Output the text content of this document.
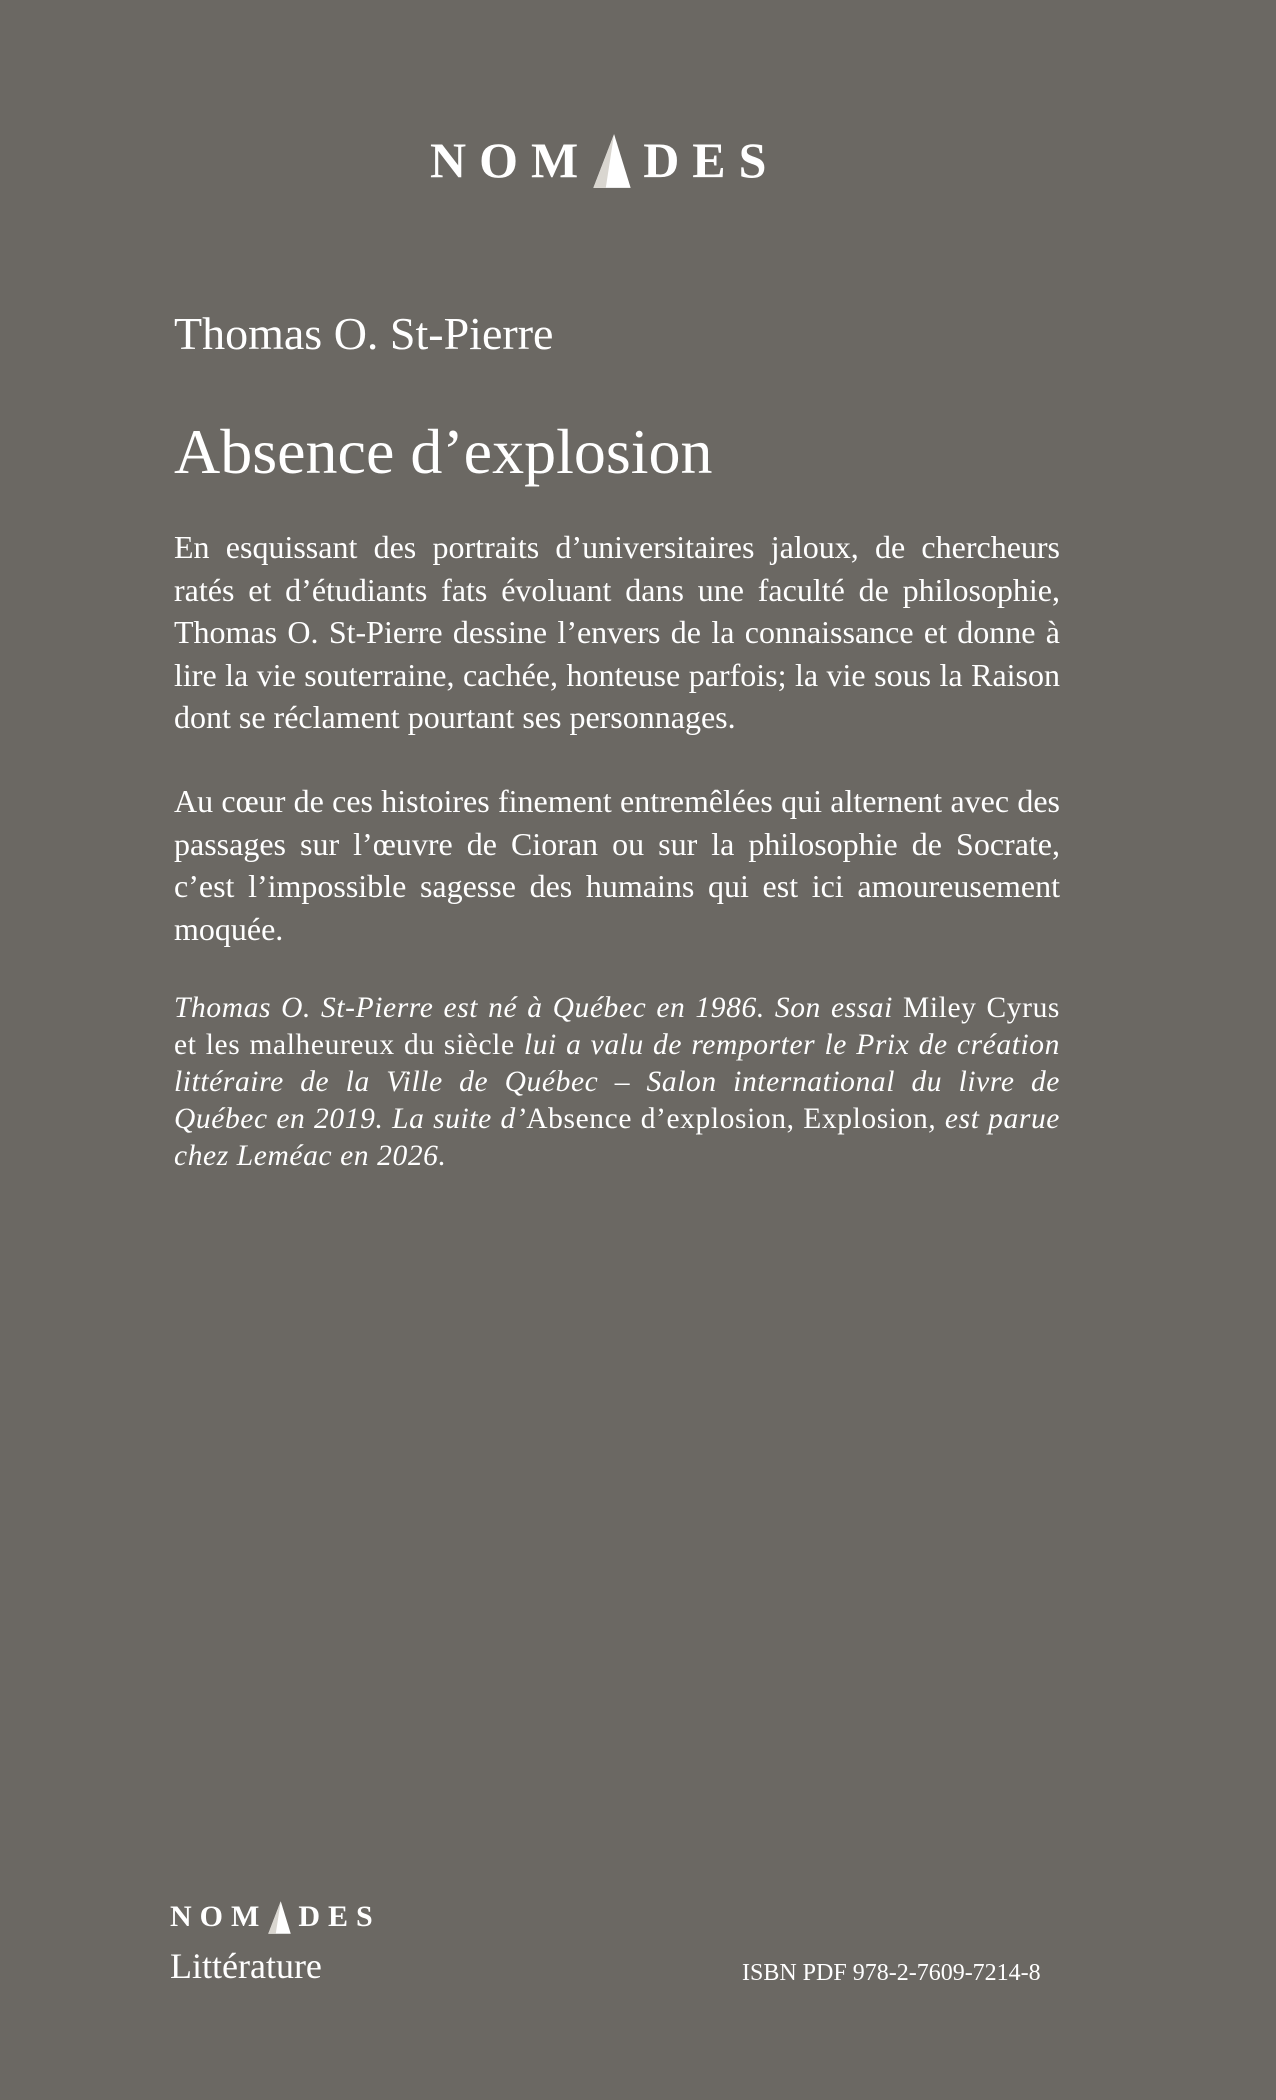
NOM DES
Thomas O. St-Pierre
Absence d’explosion

En esquissant des portraits d’universitaires jaloux, de chercheurs ratés et d’étudiants fats évoluant dans une faculté de philosophie, Thomas O. St-Pierre dessine l’envers de la connaissance et donne à lire la vie souterraine, cachée, honteuse parfois; la vie sous la Raison dont se réclament pourtant ses personnages.

Au cœur de ces histoires finement entremêlées qui alternent avec des passages sur l’œuvre de Cioran ou sur la philosophie de Socrate, c’est l’impossible sagesse des humains qui est ici amoureusement moquée.

Thomas O. St-Pierre est né à Québec en 1986. Son essai Miley Cyrus et les malheureux du siècle lui a valu de remporter le Prix de création littéraire de la Ville de Québec – Salon international du livre de Québec en 2019. La suite d’Absence d’explosion, Explosion, est parue chez Leméac en 2026.

NOM DES

Littérature	ISBN PDF 978-2-7609-7214-8
